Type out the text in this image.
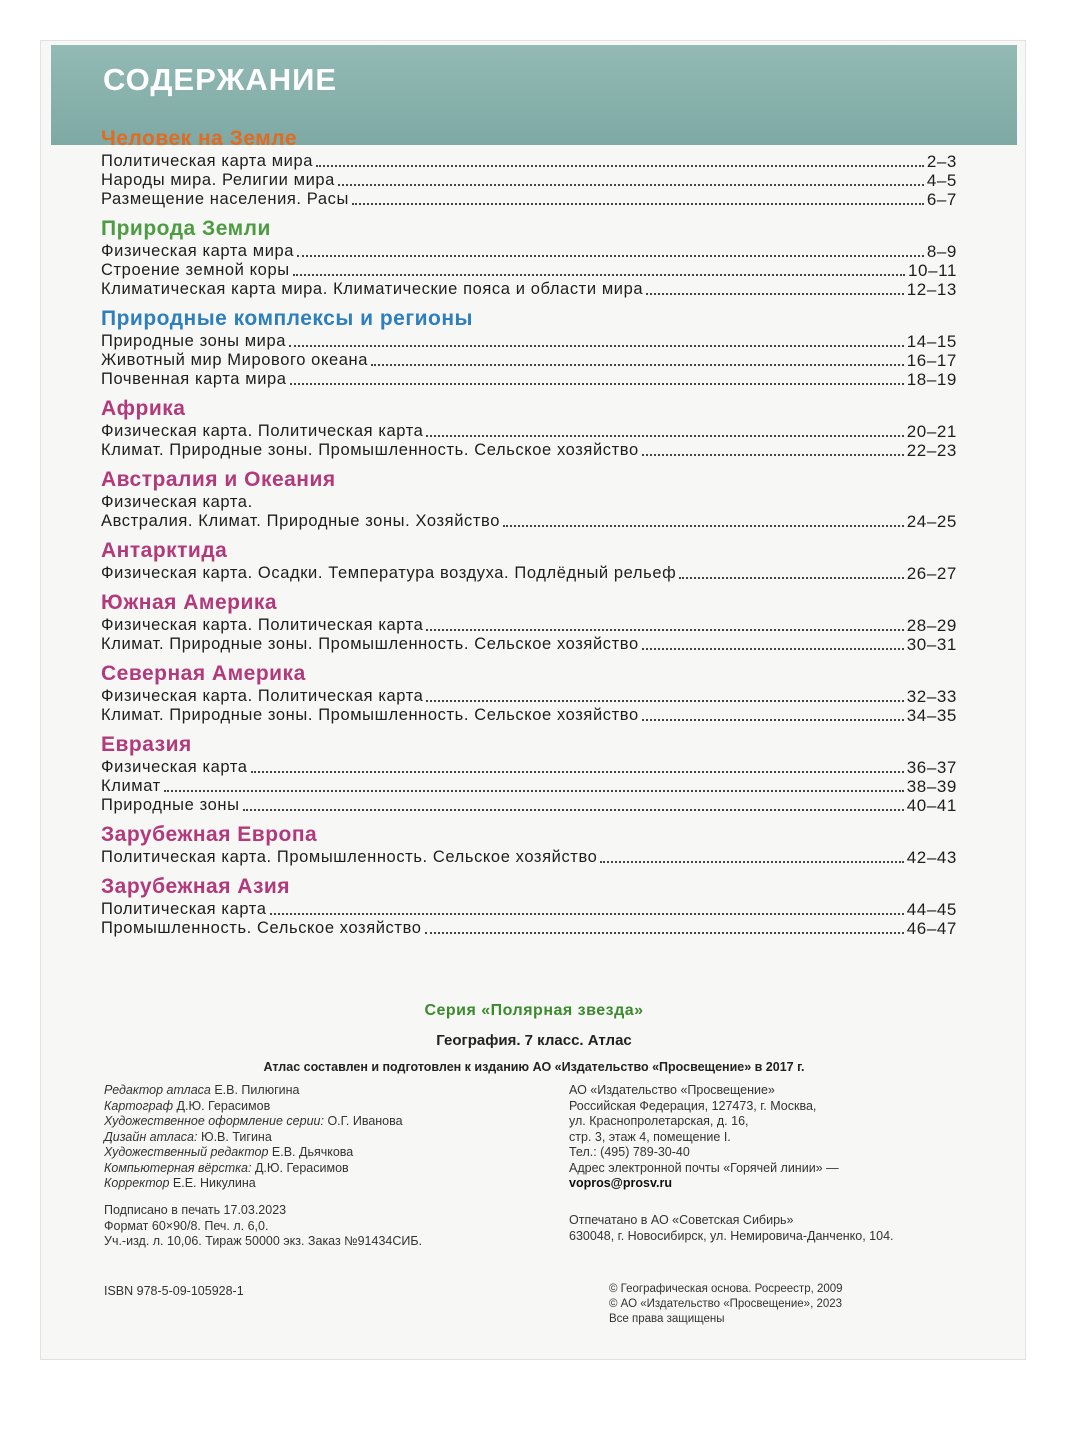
СОДЕРЖАНИЕ
Человек на Земле
Политическая карта мира	2–3
Народы мира. Религии мира	4–5
Размещение населения. Расы	6–7
Природа Земли
Физическая карта мира	8–9
Строение земной коры	10–11
Климатическая карта мира. Климатические пояса и области мира	12–13
Природные комплексы и регионы
Природные зоны мира	14–15
Животный мир Мирового океана	16–17
Почвенная карта мира	18–19
Африка
Физическая карта. Политическая карта	20–21
Климат. Природные зоны. Промышленность. Сельское хозяйство	22–23
Австралия и Океания
Физическая карта.
Австралия. Климат. Природные зоны. Хозяйство	24–25
Антарктида
Физическая карта. Осадки. Температура воздуха. Подлёдный рельеф	26–27
Южная Америка
Физическая карта. Политическая карта	28–29
Климат. Природные зоны. Промышленность. Сельское хозяйство	30–31
Северная Америка
Физическая карта. Политическая карта	32–33
Климат. Природные зоны. Промышленность. Сельское хозяйство	34–35
Евразия
Физическая карта	36–37
Климат	38–39
Природные зоны	40–41
Зарубежная Европа
Политическая карта. Промышленность. Сельское хозяйство	42–43
Зарубежная Азия
Политическая карта	44–45
Промышленность. Сельское хозяйство	46–47
Серия «Полярная звезда»
География. 7 класс. Атлас
Атлас составлен и подготовлен к изданию АО «Издательство «Просвещение» в 2017 г.
Редактор атласа Е.В. Пилюгина
Картограф Д.Ю. Герасимов
Художественное оформление серии: О.Г. Иванова
Дизайн атласа: Ю.В. Тигина
Художественный редактор Е.В. Дьячкова
Компьютерная вёрстка: Д.Ю. Герасимов
Корректор Е.Е. Никулина
АО «Издательство «Просвещение»
Российская Федерация, 127473, г. Москва,
ул. Краснопролетарская, д. 16,
стр. 3, этаж 4, помещение I.
Тел.: (495) 789-30-40
Адрес электронной почты «Горячей линии» —
vopros@prosv.ru
Подписано в печать 17.03.2023
Формат 60×90/8. Печ. л. 6,0.
Уч.-изд. л. 10,06. Тираж 50000 экз. Заказ №91434СИБ.
Отпечатано в АО «Советская Сибирь»
630048, г. Новосибирск, ул. Немировича-Данченко, 104.
ISBN 978-5-09-105928-1	© Географическая основа. Росреестр, 2009
© АО «Издательство «Просвещение», 2023
Все права защищены
